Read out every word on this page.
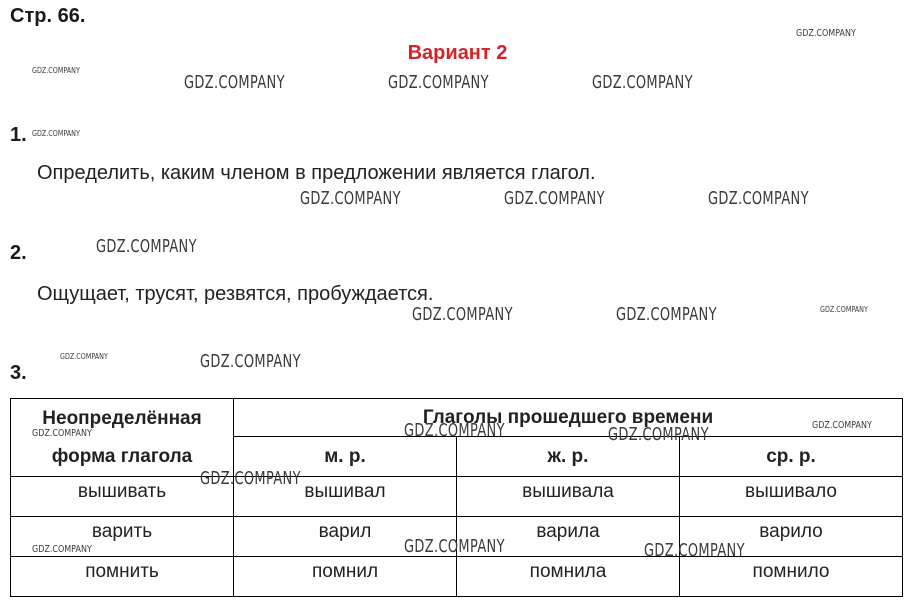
Стр. 66.
Вариант 2
1.
Определить, каким членом в предложении является глагол.
2.
Ощущает, трусят, резвятся, пробуждается.
3.
Неопределённая
форма глагола	Глаголы прошедшего времени		
	м. р.	ж. р.	ср. р.
вышивать	вышивал	вышивала	вышивало
варить	варил	варила	варило
помнить	помнил	помнила	помнило
GDZ.COMPANY
GDZ.COMPANY
GDZ.COMPANY	GDZ.COMPANY	GDZ.COMPANY
GDZ.COMPANY
GDZ.COMPANY	GDZ.COMPANY	GDZ.COMPANY
GDZ.COMPANY
GDZ.COMPANY
GDZ.COMPANY	GDZ.COMPANY
GDZ.COMPANY	GDZ.COMPANY
GDZ.COMPANY	GDZ.COMPANY	GDZ.COMPANY	GDZ.COMPANY
GDZ.COMPANY
GDZ.COMPANY	GDZ.COMPANY	GDZ.COMPANY
